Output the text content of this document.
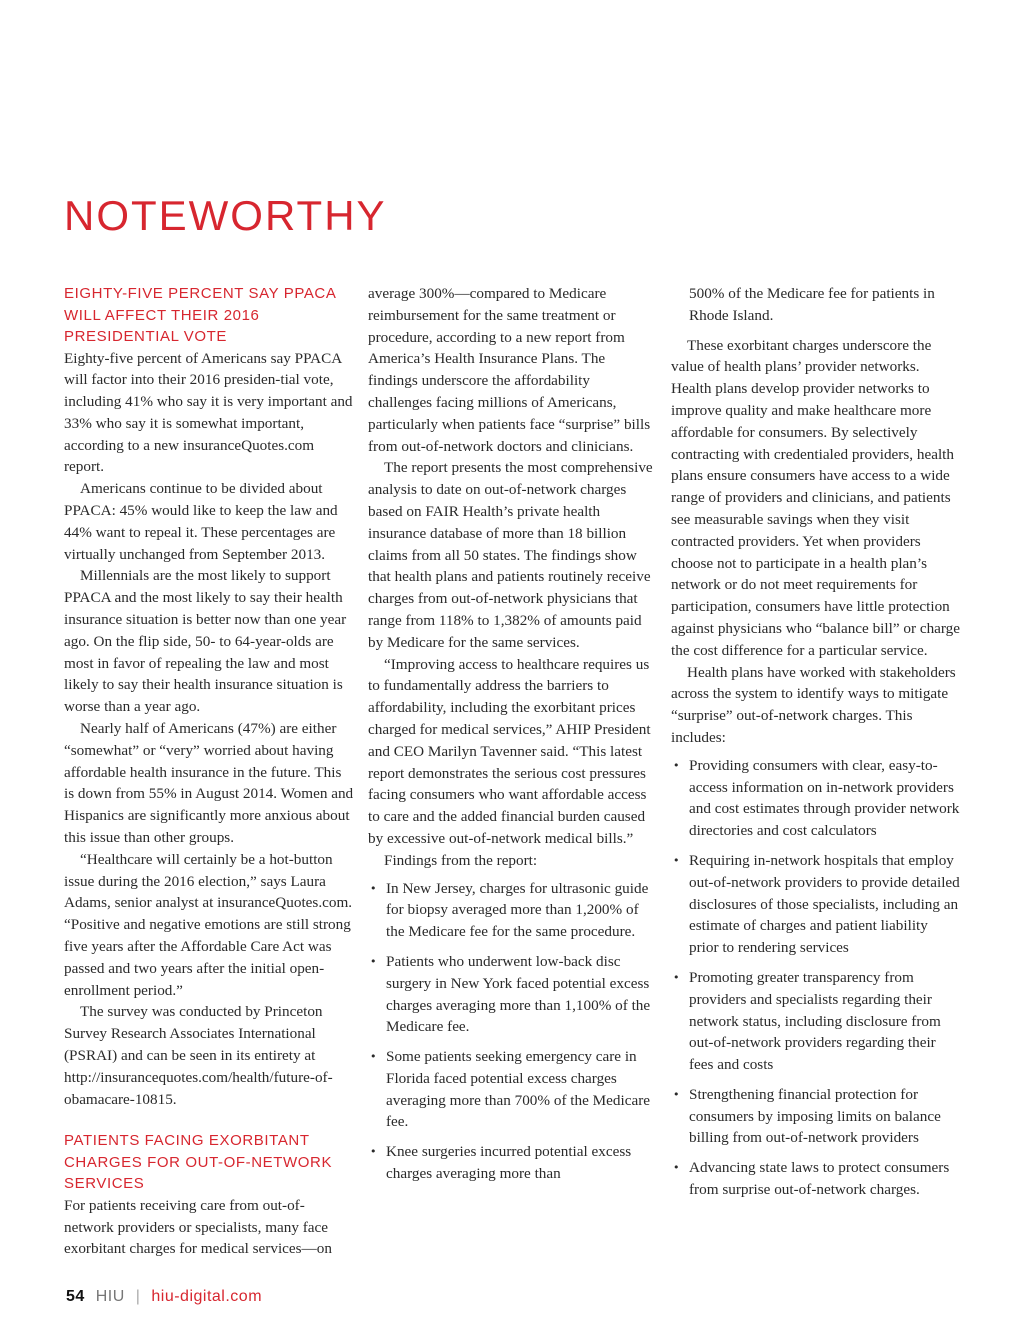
NOTEWORTHY
EIGHTY-FIVE PERCENT SAY PPACA WILL AFFECT THEIR 2016 PRESIDENTIAL VOTE

Eighty-five percent of Americans say PPACA will factor into their 2016 presiden-tial vote, including 41% who say it is very important and 33% who say it is somewhat important, according to a new insuranceQuotes.com report.

Americans continue to be divided about PPACA: 45% would like to keep the law and 44% want to repeal it. These percentages are virtually unchanged from September 2013.

Millennials are the most likely to support PPACA and the most likely to say their health insurance situation is better now than one year ago. On the flip side, 50- to 64-year-olds are most in favor of repealing the law and most likely to say their health insurance situation is worse than a year ago.

Nearly half of Americans (47%) are either “somewhat” or “very” worried about having affordable health insurance in the future. This is down from 55% in August 2014. Women and Hispanics are significantly more anxious about this issue than other groups.

“Healthcare will certainly be a hot-button issue during the 2016 election,” says Laura Adams, senior analyst at insuranceQuotes.com. “Positive and negative emotions are still strong five years after the Affordable Care Act was passed and two years after the initial open-enrollment period.”

The survey was conducted by Princeton Survey Research Associates International (PSRAI) and can be seen in its entirety at http://insurancequotes.com/health/future-of-obamacare-10815.

PATIENTS FACING EXORBITANT CHARGES FOR OUT-OF-NETWORK SERVICES

For patients receiving care from out-of-network providers or specialists, many face exorbitant charges for medical services—on

average 300%—compared to Medicare reimbursement for the same treatment or procedure, according to a new report from America’s Health Insurance Plans. The findings underscore the affordability challenges facing millions of Americans, particularly when patients face “surprise” bills from out-of-network doctors and clinicians.

The report presents the most comprehensive analysis to date on out-of-network charges based on FAIR Health’s private health insurance database of more than 18 billion claims from all 50 states. The findings show that health plans and patients routinely receive charges from out-of-network physicians that range from 118% to 1,382% of amounts paid by Medicare for the same services.

“Improving access to healthcare requires us to fundamentally address the barriers to affordability, including the exorbitant prices charged for medical services,” AHIP President and CEO Marilyn Tavenner said. “This latest report demonstrates the serious cost pressures facing consumers who want affordable access to care and the added financial burden caused by excessive out-of-network medical bills.”

Findings from the report:

• In New Jersey, charges for ultrasonic guide for biopsy averaged more than 1,200% of the Medicare fee for the same procedure.
• Patients who underwent low-back disc surgery in New York faced potential excess charges averaging more than 1,100% of the Medicare fee.
• Some patients seeking emergency care in Florida faced potential excess charges averaging more than 700% of the Medicare fee.
• Knee surgeries incurred potential excess charges averaging more than

500% of the Medicare fee for patients in Rhode Island.

These exorbitant charges underscore the value of health plans’ provider networks. Health plans develop provider networks to improve quality and make healthcare more affordable for consumers. By selectively contracting with credentialed providers, health plans ensure consumers have access to a wide range of providers and clinicians, and patients see measurable savings when they visit contracted providers. Yet when providers choose not to participate in a health plan’s network or do not meet requirements for participation, consumers have little protection against physicians who “balance bill” or charge the cost difference for a particular service.

Health plans have worked with stakeholders across the system to identify ways to mitigate “surprise” out-of-network charges. This includes:

• Providing consumers with clear, easy-to-access information on in-network providers and cost estimates through provider network directories and cost calculators
• Requiring in-network hospitals that employ out-of-network providers to provide detailed disclosures of those specialists, including an estimate of charges and patient liability prior to rendering services
• Promoting greater transparency from providers and specialists regarding their network status, including disclosure from out-of-network providers regarding their fees and costs
• Strengthening financial protection for consumers by imposing limits on balance billing from out-of-network providers
• Advancing state laws to protect consumers from surprise out-of-network charges.
54 HIU | hiu-digital.com
